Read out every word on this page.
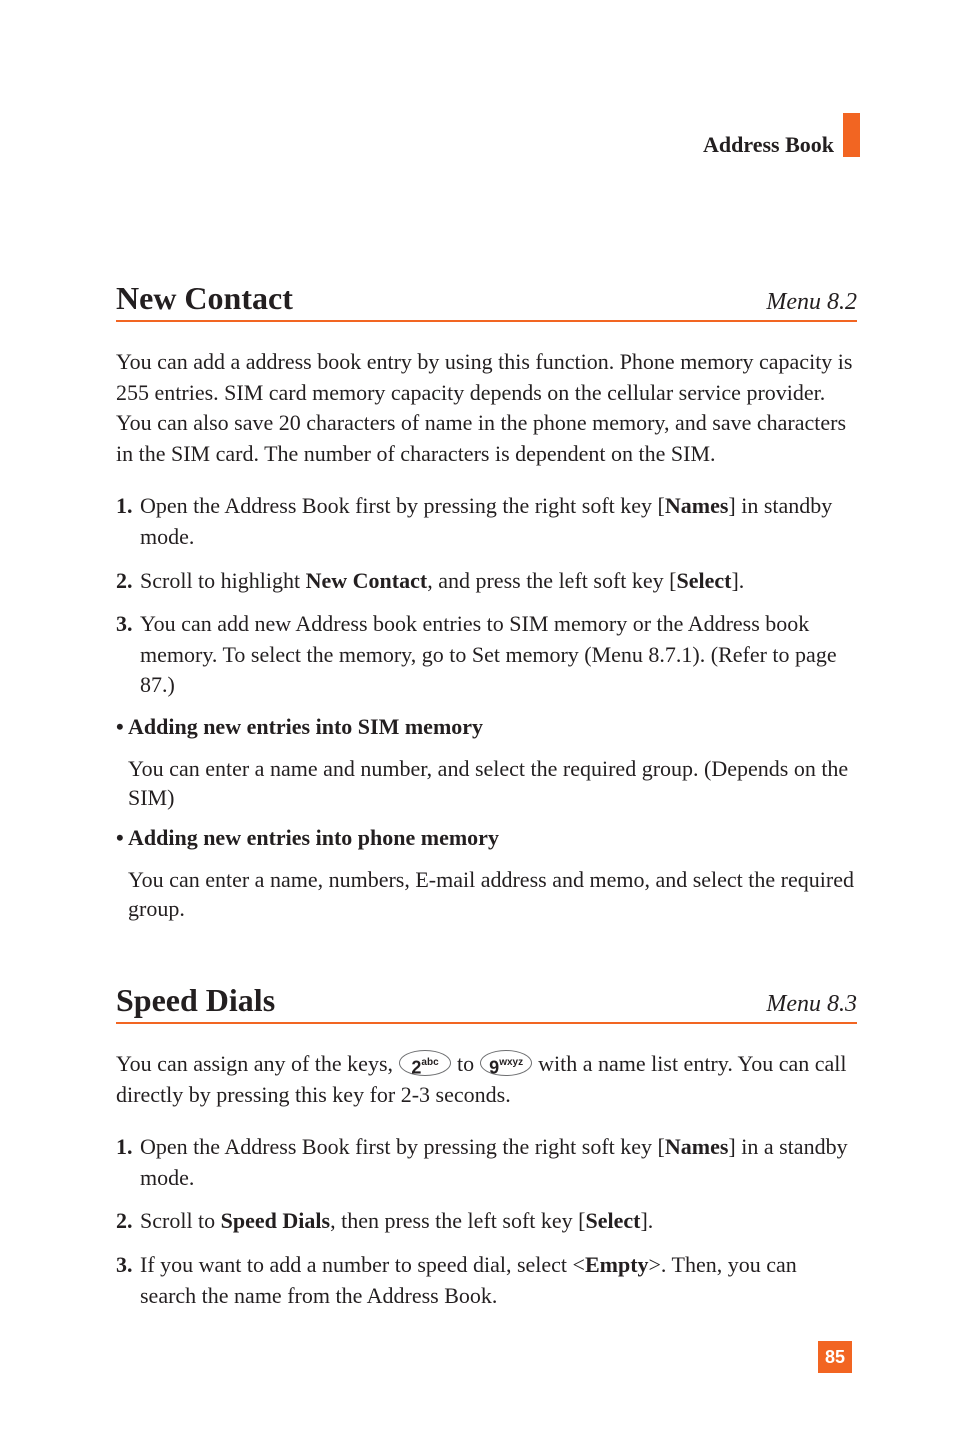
Address Book
New Contact	Menu 8.2

You can add a address book entry by using this function. Phone memory capacity is 255 entries. SIM card memory capacity depends on the cellular service provider. You can also save 20 characters of name in the phone memory, and save characters in the SIM card. The number of characters is dependent on the SIM.

1. Open the Address Book first by pressing the right soft key [Names] in standby mode.

2. Scroll to highlight New Contact, and press the left soft key [Select].

3. You can add new Address book entries to SIM memory or the Address book memory. To select the memory, go to Set memory (Menu 8.7.1). (Refer to page 87.)

• Adding new entries into SIM memory

You can enter a name and number, and select the required group. (Depends on the SIM)

• Adding new entries into phone memory

You can enter a name, numbers, E-mail address and memo, and select the required group.

Speed Dials	Menu 8.3

You can assign any of the keys, $2^{abc}$ to $9^{wxyz}$ with a name list entry. You can call directly by pressing this key for 2-3 seconds.

1. Open the Address Book first by pressing the right soft key [Names] in a standby mode.

2. Scroll to Speed Dials, then press the left soft key [Select].

3. If you want to add a number to speed dial, select <Empty>. Then, you can search the name from the Address Book.

85
